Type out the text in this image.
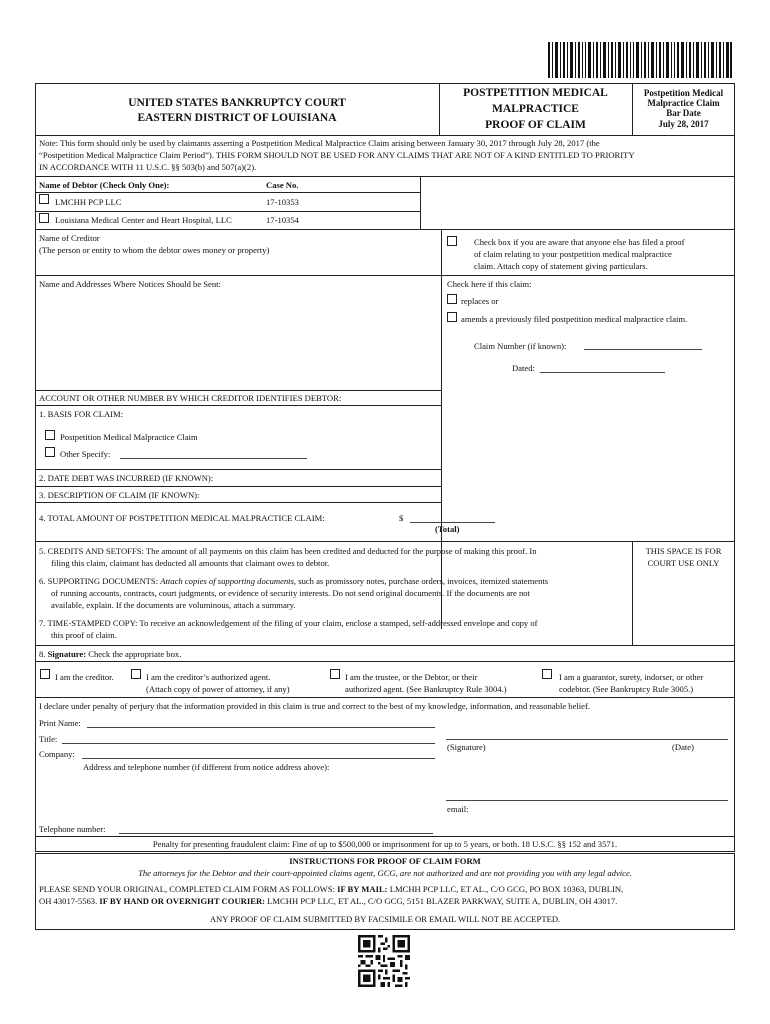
UNITED STATES BANKRUPTCY COURT
EASTERN DISTRICT OF LOUISIANA
POSTPETITION MEDICAL
MALPRACTICE
PROOF OF CLAIM
Postpetition Medical
Malpractice Claim
Bar Date
July 28, 2017
Note: This form should only be used by claimants asserting a Postpetition Medical Malpractice Claim arising between January 30, 2017 through July 28, 2017 (the
“Postpetition Medical Malpractice Claim Period”). THIS FORM SHOULD NOT BE USED FOR ANY CLAIMS THAT ARE NOT OF A KIND ENTITLED TO PRIORITY
IN ACCORDANCE WITH 11 U.S.C. §§ 503(b) and 507(a)(2).
Name of Debtor (Check Only One):	Case No.
LMCHH PCP LLC	17-10353
Louisiana Medical Center and Heart Hospital, LLC	17-10354
Name of Creditor
(The person or entity to whom the debtor owes money or property)
Check box if you are aware that anyone else has filed a proof
of claim relating to your postpetition medical malpractice
claim. Attach copy of statement giving particulars.
Name and Addresses Where Notices Should be Sent:	Check here if this claim:
replaces or
amends a previously filed postpetition medical malpractice claim.
Claim Number (if known):
Dated:
ACCOUNT OR OTHER NUMBER BY WHICH CREDITOR IDENTIFIES DEBTOR:
1. BASIS FOR CLAIM:
Postpetition Medical Malpractice Claim
Other Specify:
2. DATE DEBT WAS INCURRED (IF KNOWN):
3. DESCRIPTION OF CLAIM (IF KNOWN):
4. TOTAL AMOUNT OF POSTPETITION MEDICAL MALPRACTICE CLAIM:	$
(Total)
5. CREDITS AND SETOFFS: The amount of all payments on this claim has been credited and deducted for the purpose of making this proof. In
filing this claim, claimant has deducted all amounts that claimant owes to debtor.
THIS SPACE IS FOR
COURT USE ONLY
6. SUPPORTING DOCUMENTS: Attach copies of supporting documents, such as promissory notes, purchase orders, invoices, itemized statements
of running accounts, contracts, court judgments, or evidence of security interests. Do not send original documents. If the documents are not
available, explain. If the documents are voluminous, attach a summary.
7. TIME-STAMPED COPY: To receive an acknowledgement of the filing of your claim, enclose a stamped, self-addressed envelope and copy of
this proof of claim.
8. Signature: Check the appropriate box.
I am the creditor.	I am the creditor’s authorized agent.
(Attach copy of power of attorney, if any)
I am the trustee, or the Debtor, or their
authorized agent. (See Bankruptcy Rule 3004.)
I am a guarantor, surety, indorser, or other
codebtor. (See Bankruptcy Rule 3005.)
I declare under penalty of perjury that the information provided in this claim is true and correct to the best of my knowledge, information, and reasonable belief.
Print Name:
Title:
Company:
Address and telephone number (if different from notice address above):
(Signature)	(Date)
email:
Telephone number:
Penalty for presenting fraudulent claim: Fine of up to $500,000 or imprisonment for up to 5 years, or both. 18 U.S.C. §§ 152 and 3571.
INSTRUCTIONS FOR PROOF OF CLAIM FORM
The attorneys for the Debtor and their court-appointed claims agent, GCG, are not authorized and are not providing you with any legal advice.
PLEASE SEND YOUR ORIGINAL, COMPLETED CLAIM FORM AS FOLLOWS: IF BY MAIL: LMCHH PCP LLC, ET AL., C/O GCG, PO BOX 10363, DUBLIN,
OH 43017-5563. IF BY HAND OR OVERNIGHT COURIER: LMCHH PCP LLC, ET AL., C/O GCG, 5151 BLAZER PARKWAY, SUITE A, DUBLIN, OH 43017.
ANY PROOF OF CLAIM SUBMITTED BY FACSIMILE OR EMAIL WILL NOT BE ACCEPTED.
